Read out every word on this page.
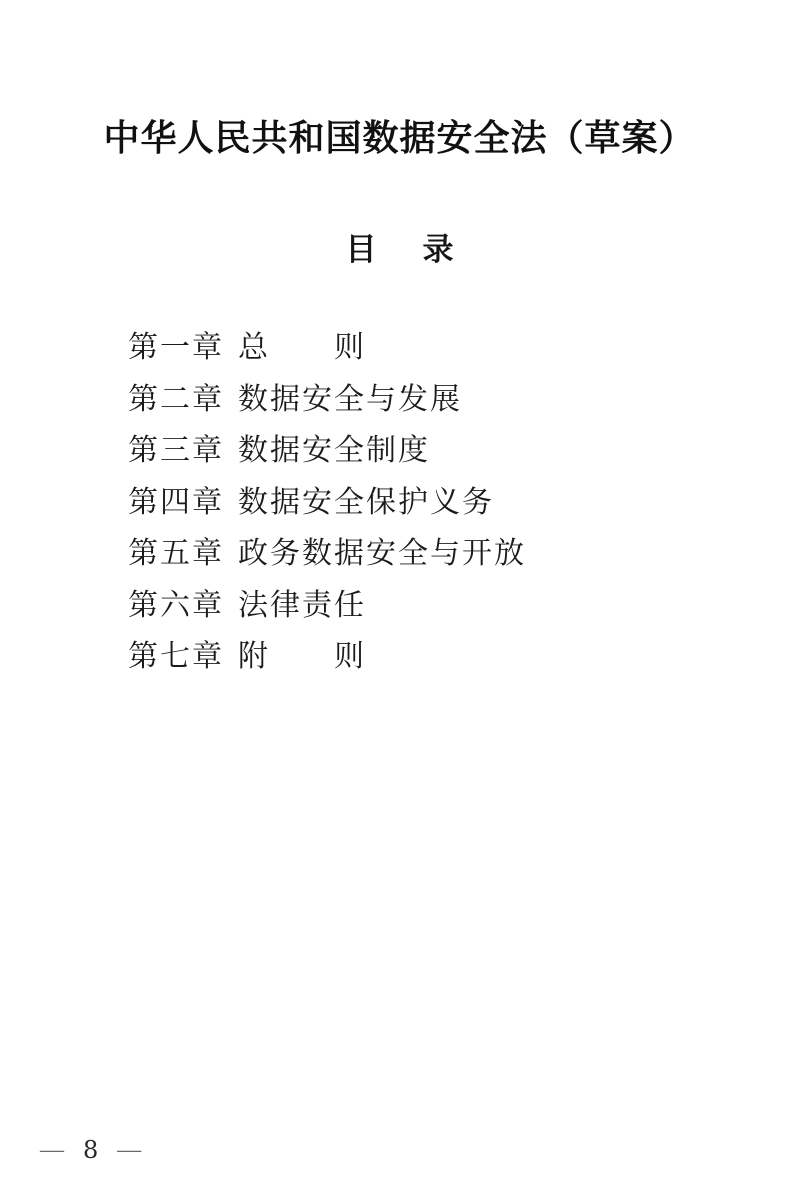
中华人民共和国数据安全法（草案）
目 录
第一章 总　　则
第二章 数据安全与发展
第三章 数据安全制度
第四章 数据安全保护义务
第五章 政务数据安全与开放
第六章 法律责任
第七章 附　　则
— 8 —
